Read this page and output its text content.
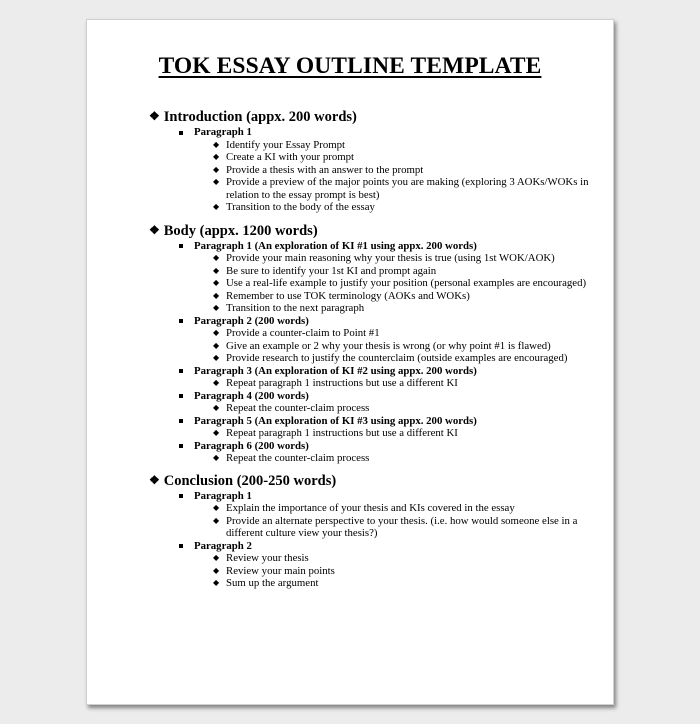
TOK ESSAY OUTLINE TEMPLATE
❖ Introduction (appx. 200 words)
Paragraph 1
◆ Identify your Essay Prompt
◆ Create a KI with your prompt
◆ Provide a thesis with an answer to the prompt
◆ Provide a preview of the major points you are making (exploring 3 AOKs/WOKs in relation to the essay prompt is best)
◆ Transition to the body of the essay
❖ Body (appx. 1200 words)
Paragraph 1 (An exploration of KI #1 using appx. 200 words)
◆ Provide your main reasoning why your thesis is true (using 1st WOK/AOK)
◆ Be sure to identify your 1st KI and prompt again
◆ Use a real-life example to justify your position (personal examples are encouraged)
◆ Remember to use TOK terminology (AOKs and WOKs)
◆ Transition to the next paragraph
Paragraph 2 (200 words)
◆ Provide a counter-claim to Point #1
◆ Give an example or 2 why your thesis is wrong (or why point #1 is flawed)
◆ Provide research to justify the counterclaim (outside examples are encouraged)
Paragraph 3 (An exploration of KI #2 using appx. 200 words)
◆ Repeat paragraph 1 instructions but use a different KI
Paragraph 4 (200 words)
◆ Repeat the counter-claim process
Paragraph 5 (An exploration of KI #3 using appx. 200 words)
◆ Repeat paragraph 1 instructions but use a different KI
Paragraph 6 (200 words)
◆ Repeat the counter-claim process
❖ Conclusion (200-250 words)
Paragraph 1
◆ Explain the importance of your thesis and KIs covered in the essay
◆ Provide an alternate perspective to your thesis. (i.e. how would someone else in a different culture view your thesis?)
Paragraph 2
◆ Review your thesis
◆ Review your main points
◆ Sum up the argument
